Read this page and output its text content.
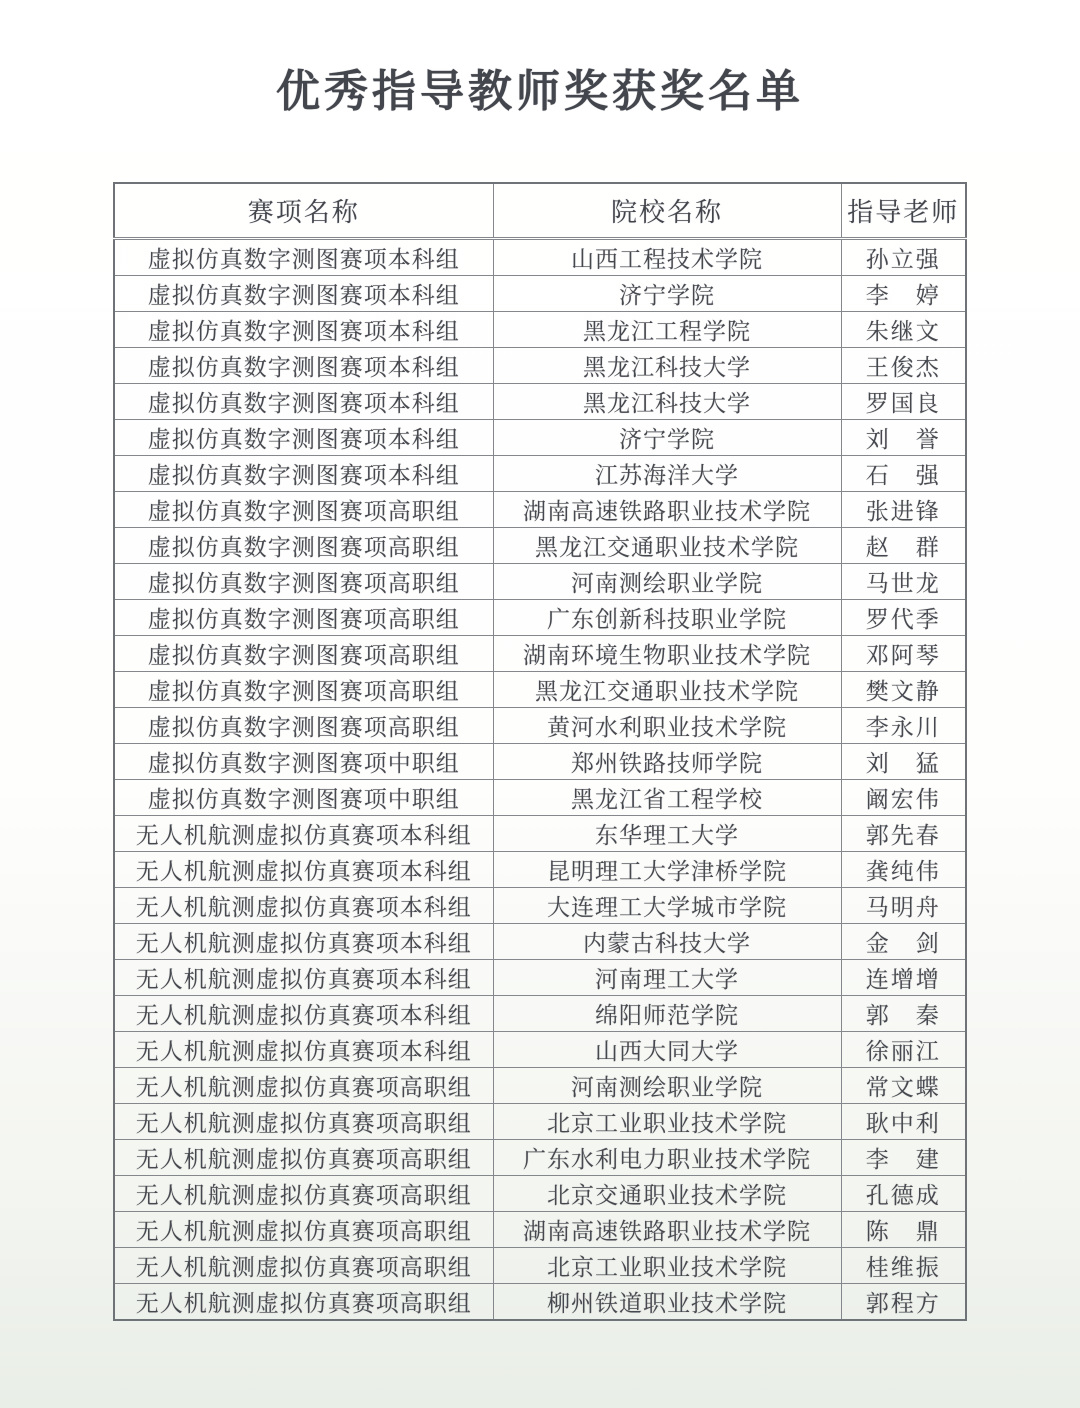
优秀指导教师奖获奖名单
赛项名称	院校名称	指导老师
虚拟仿真数字测图赛项本科组	山西工程技术学院	孙立强
虚拟仿真数字测图赛项本科组	济宁学院	李　婷
虚拟仿真数字测图赛项本科组	黑龙江工程学院	朱继文
虚拟仿真数字测图赛项本科组	黑龙江科技大学	王俊杰
虚拟仿真数字测图赛项本科组	黑龙江科技大学	罗国良
虚拟仿真数字测图赛项本科组	济宁学院	刘　誉
虚拟仿真数字测图赛项本科组	江苏海洋大学	石　强
虚拟仿真数字测图赛项高职组	湖南高速铁路职业技术学院	张进锋
虚拟仿真数字测图赛项高职组	黑龙江交通职业技术学院	赵　群
虚拟仿真数字测图赛项高职组	河南测绘职业学院	马世龙
虚拟仿真数字测图赛项高职组	广东创新科技职业学院	罗代季
虚拟仿真数字测图赛项高职组	湖南环境生物职业技术学院	邓阿琴
虚拟仿真数字测图赛项高职组	黑龙江交通职业技术学院	樊文静
虚拟仿真数字测图赛项高职组	黄河水利职业技术学院	李永川
虚拟仿真数字测图赛项中职组	郑州铁路技师学院	刘　猛
虚拟仿真数字测图赛项中职组	黑龙江省工程学校	阚宏伟
无人机航测虚拟仿真赛项本科组	东华理工大学	郭先春
无人机航测虚拟仿真赛项本科组	昆明理工大学津桥学院	龚纯伟
无人机航测虚拟仿真赛项本科组	大连理工大学城市学院	马明舟
无人机航测虚拟仿真赛项本科组	内蒙古科技大学	金　剑
无人机航测虚拟仿真赛项本科组	河南理工大学	连增增
无人机航测虚拟仿真赛项本科组	绵阳师范学院	郭　秦
无人机航测虚拟仿真赛项本科组	山西大同大学	徐丽江
无人机航测虚拟仿真赛项高职组	河南测绘职业学院	常文蝶
无人机航测虚拟仿真赛项高职组	北京工业职业技术学院	耿中利
无人机航测虚拟仿真赛项高职组	广东水利电力职业技术学院	李　建
无人机航测虚拟仿真赛项高职组	北京交通职业技术学院	孔德成
无人机航测虚拟仿真赛项高职组	湖南高速铁路职业技术学院	陈　鼎
无人机航测虚拟仿真赛项高职组	北京工业职业技术学院	桂维振
无人机航测虚拟仿真赛项高职组	柳州铁道职业技术学院	郭程方
